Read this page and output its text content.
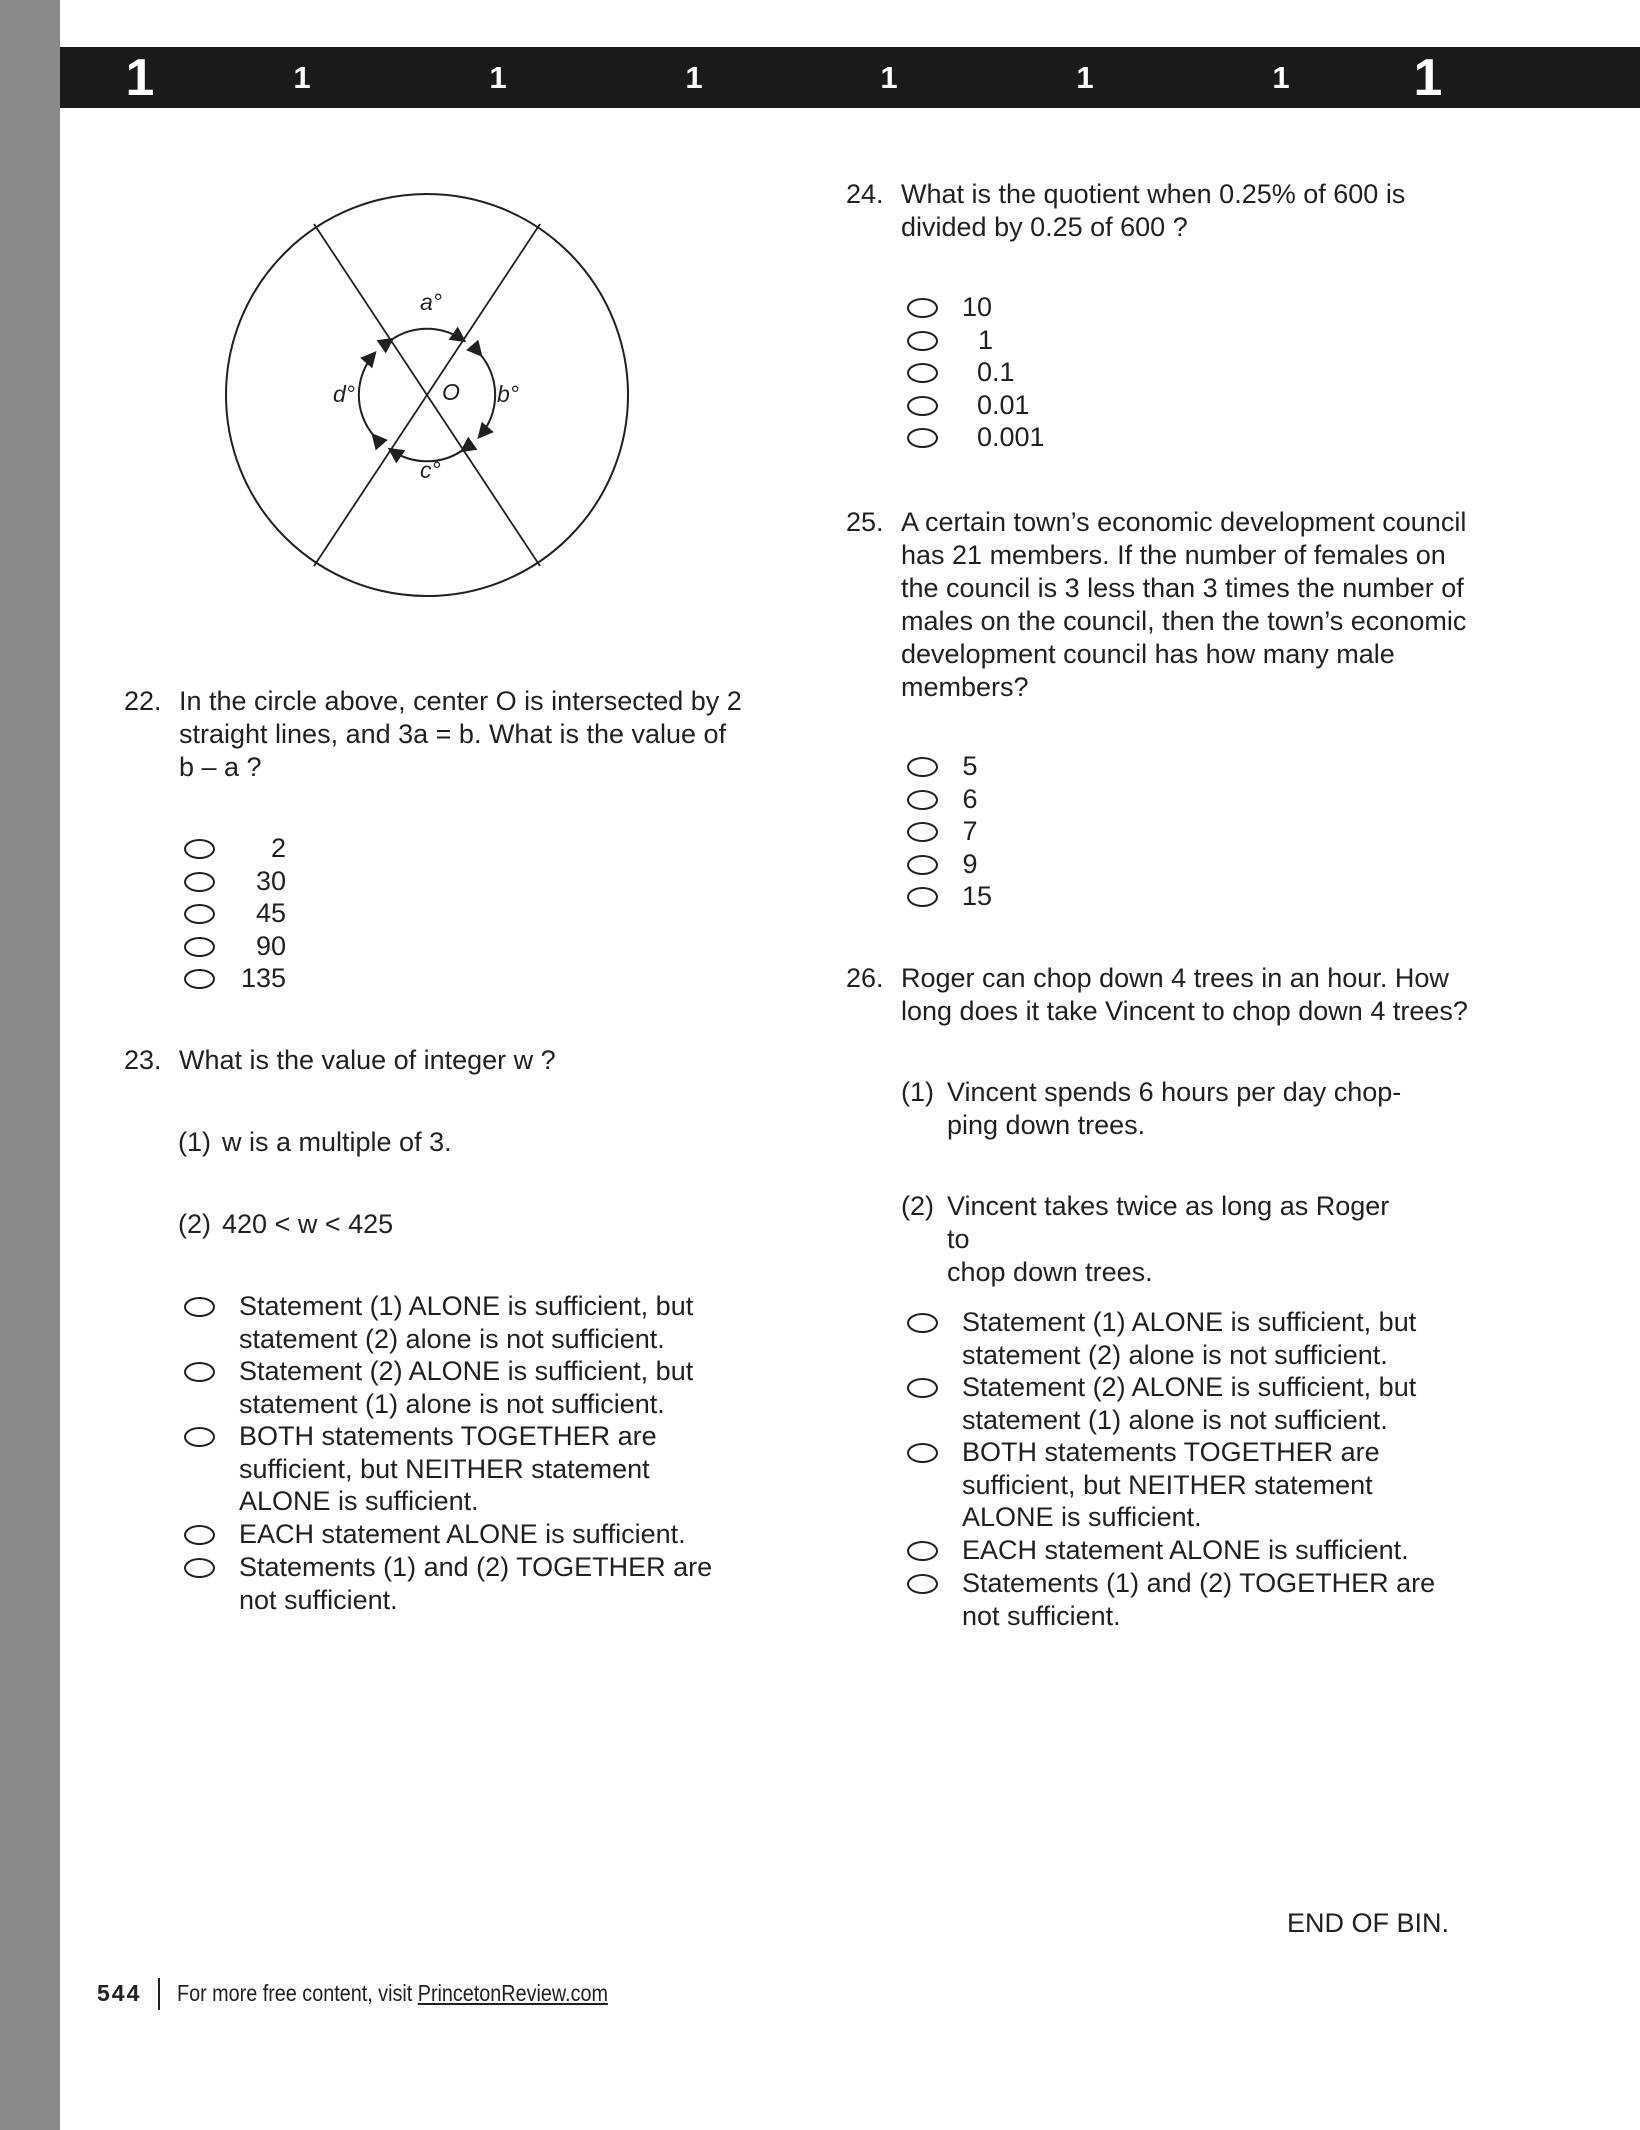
1	1	1	1	1	1	1 1
a°
b°
c°
d°	O
22. In the circle above, center O is intersected by 2
straight lines, and 3a = b. What is the value of
b – a ?
2
30
45
90
135
23. What is the value of integer w ?
(1) w is a multiple of 3.
(2) 420 < w < 425
Statement (1) ALONE is sufficient, but
statement (2) alone is not sufficient.
Statement (2) ALONE is sufficient, but
statement (1) alone is not sufficient.
BOTH statements TOGETHER are
sufficient, but NEITHER statement
ALONE is sufficient.
EACH statement ALONE is sufficient.
Statements (1) and (2) TOGETHER are
not sufficient.
24. What is the quotient when 0.25% of 600 is
divided by 0.25 of 600 ?
10
1
0.1
0.01
0.001
25. A certain town’s economic development council
has 21 members. If the number of females on
the council is 3 less than 3 times the number of
males on the council, then the town’s economic
development council has how many male
members?
5
6
7
9
15
26. Roger can chop down 4 trees in an hour. How
long does it take Vincent to chop down 4 trees?
(1) Vincent spends 6 hours per day chop-
ping down trees.
(2) Vincent takes twice as long as Roger to
chop down trees.
Statement (1) ALONE is sufficient, but
statement (2) alone is not sufficient.
Statement (2) ALONE is sufficient, but
statement (1) alone is not sufficient.
BOTH statements TOGETHER are
sufficient, but NEITHER statement
ALONE is sufficient.
EACH statement ALONE is sufficient.
Statements (1) and (2) TOGETHER are
not sufficient.
END OF BIN.
544 For more free content, visit PrincetonReview.com
